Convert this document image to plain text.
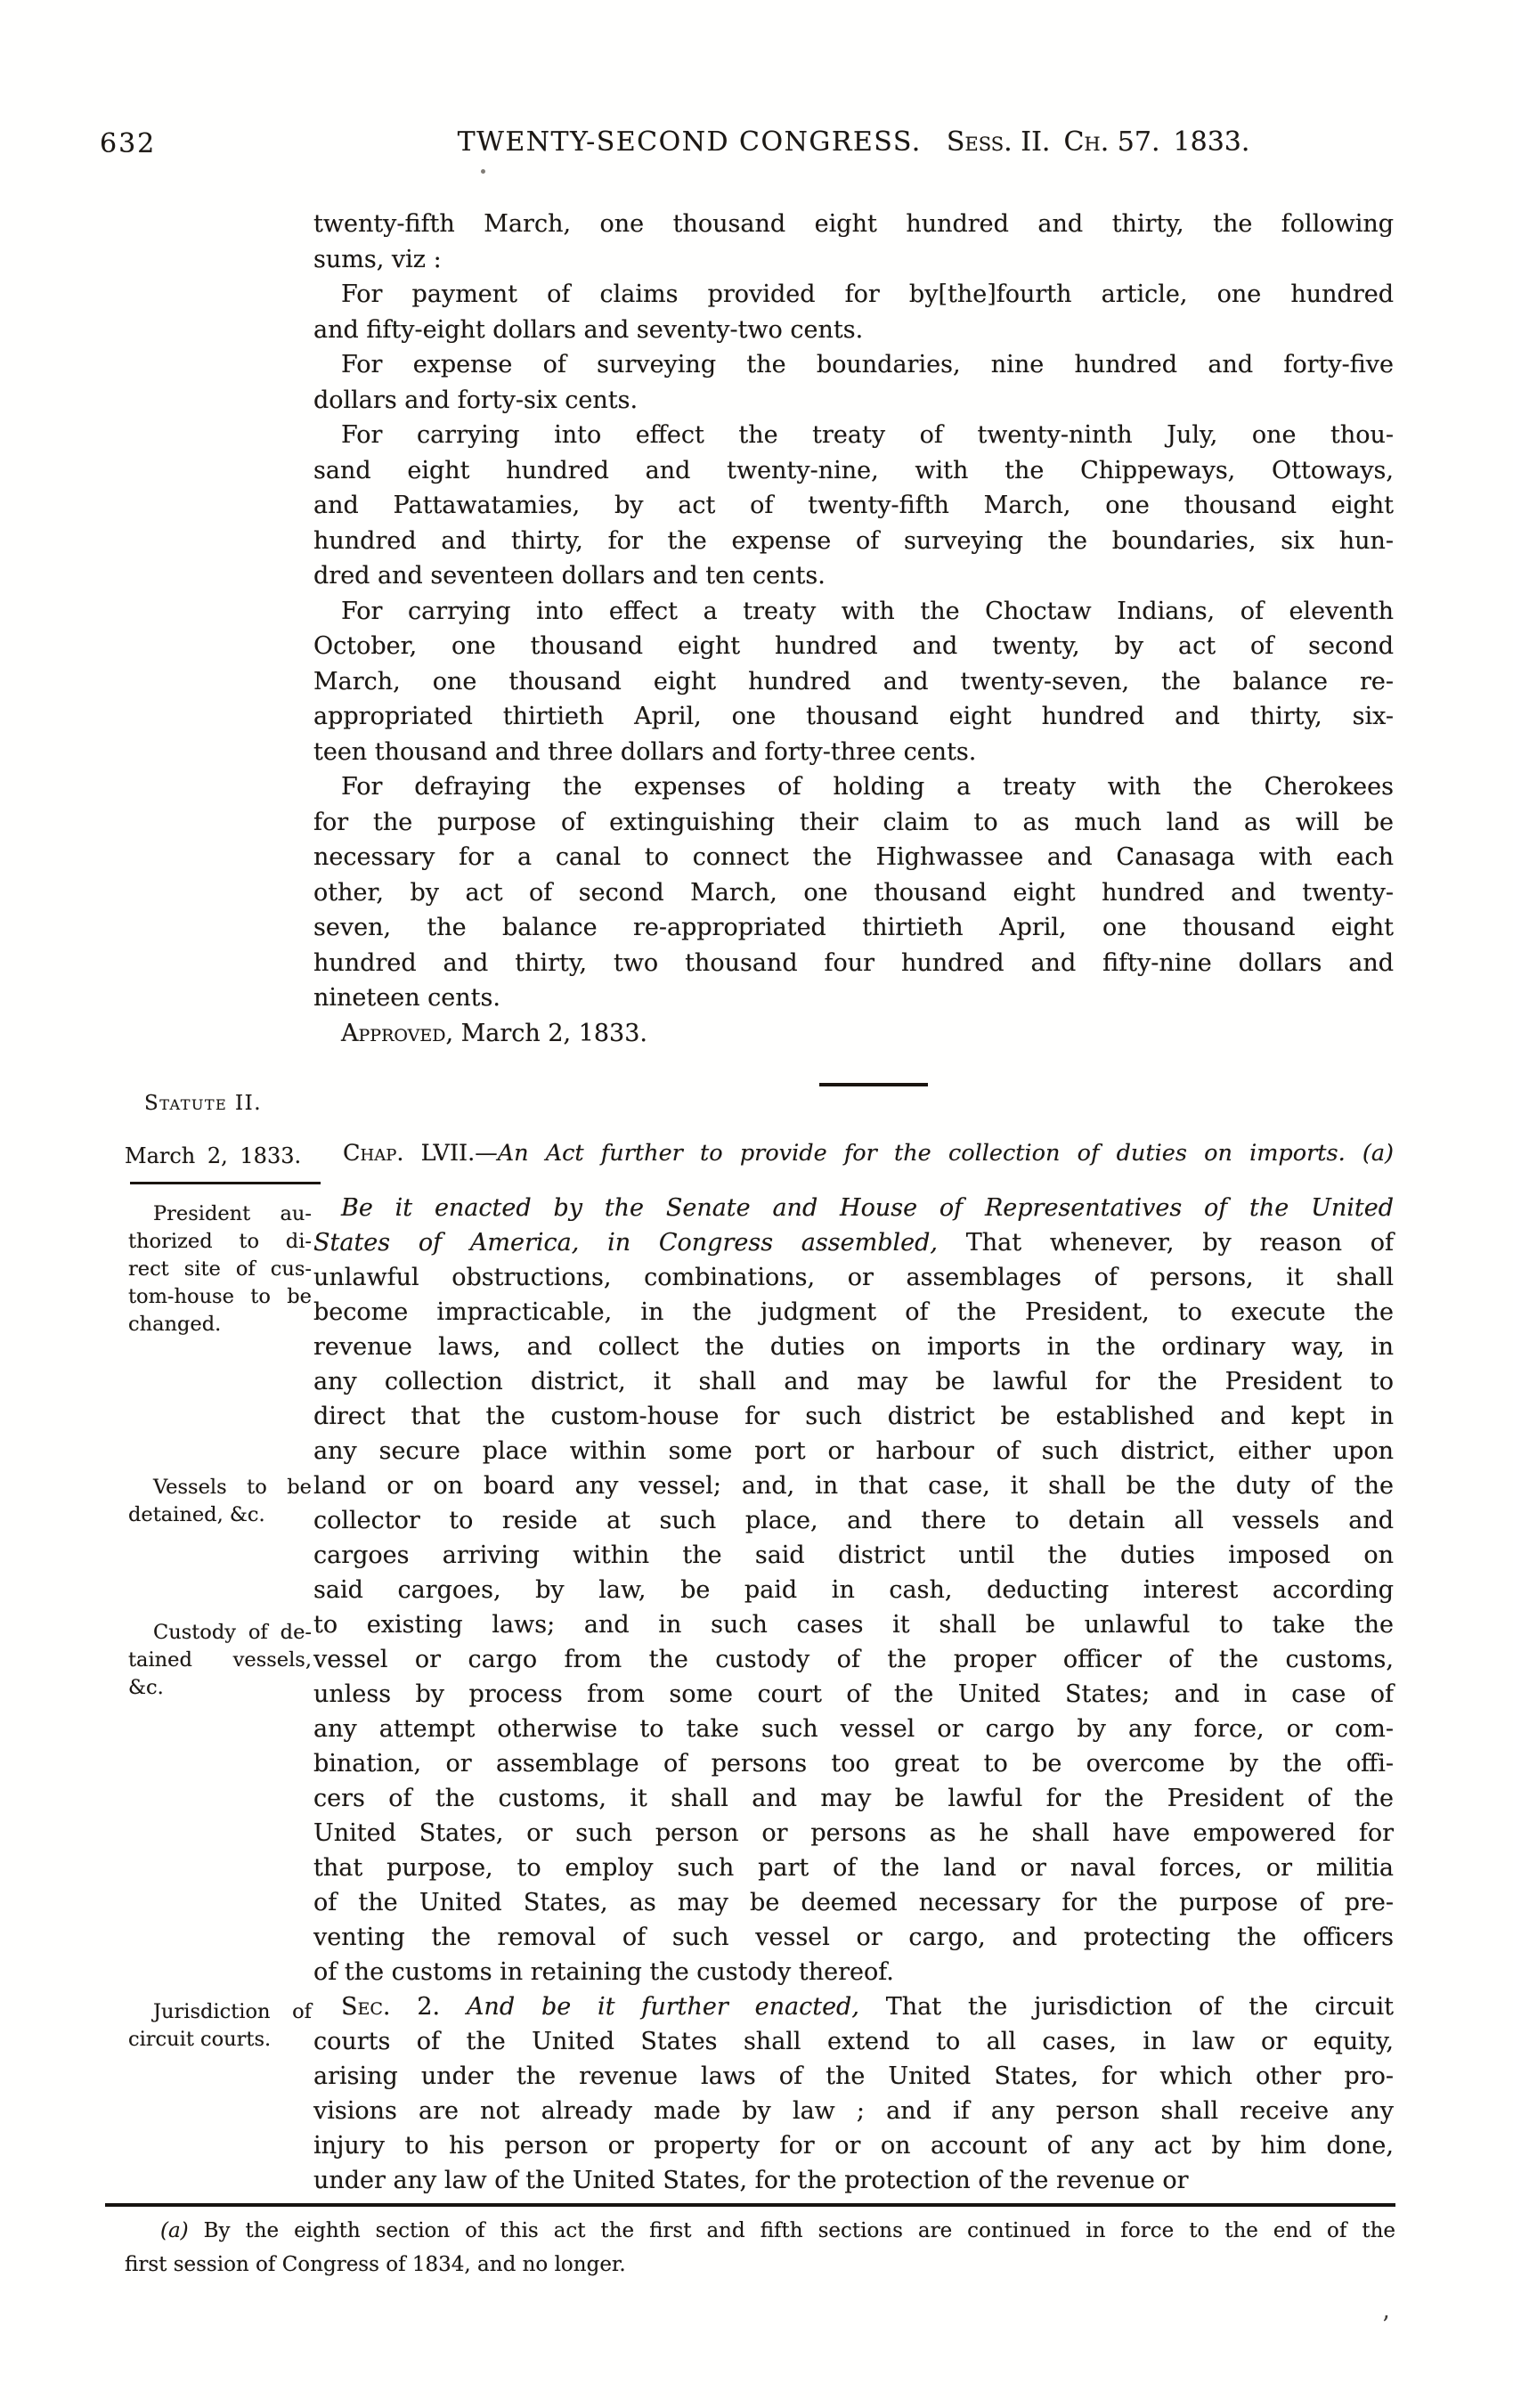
632	TWENTY-SECOND CONGRESS. Sess. II. Ch. 57. 1833.
twenty-fifth March, one thousand eight hundred and thirty, the following
sums, viz :
For payment of claims provided for by[the]fourth article, one hundred
and fifty-eight dollars and seventy-two cents.
For expense of surveying the boundaries, nine hundred and forty-five
dollars and forty-six cents.
For carrying into effect the treaty of twenty-ninth July, one thou-
sand eight hundred and twenty-nine, with the Chippeways, Ottoways,
and Pattawatamies, by act of twenty-fifth March, one thousand eight
hundred and thirty, for the expense of surveying the boundaries, six hun-
dred and seventeen dollars and ten cents.
For carrying into effect a treaty with the Choctaw Indians, of eleventh
October, one thousand eight hundred and twenty, by act of second
March, one thousand eight hundred and twenty-seven, the balance re-
appropriated thirtieth April, one thousand eight hundred and thirty, six-
teen thousand and three dollars and forty-three cents.
For defraying the expenses of holding a treaty with the Cherokees
for the purpose of extinguishing their claim to as much land as will be
necessary for a canal to connect the Highwassee and Canasaga with each
other, by act of second March, one thousand eight hundred and twenty-
seven, the balance re-appropriated thirtieth April, one thousand eight
hundred and thirty, two thousand four hundred and fifty-nine dollars and
nineteen cents.
Approved, March 2, 1833.
Statute II.
March 2, 1833.	Chap. LVII.—An Act further to provide for the collection of duties on imports. (a)
President au-
thorized to di-
rect site of cus-
tom-house to be
changed.
Vessels to be
detained, &c.
Custody of de-
tained vessels,
&c.
Jurisdiction of
circuit courts.
Be it enacted by the Senate and House of Representatives of the United
States of America, in Congress assembled, That whenever, by reason of
unlawful obstructions, combinations, or assemblages of persons, it shall
become impracticable, in the judgment of the President, to execute the
revenue laws, and collect the duties on imports in the ordinary way, in
any collection district, it shall and may be lawful for the President to
direct that the custom-house for such district be established and kept in
any secure place within some port or harbour of such district, either upon
land or on board any vessel; and, in that case, it shall be the duty of the
collector to reside at such place, and there to detain all vessels and
cargoes arriving within the said district until the duties imposed on
said cargoes, by law, be paid in cash, deducting interest according
to existing laws; and in such cases it shall be unlawful to take the
vessel or cargo from the custody of the proper officer of the customs,
unless by process from some court of the United States; and in case of
any attempt otherwise to take such vessel or cargo by any force, or com-
bination, or assemblage of persons too great to be overcome by the offi-
cers of the customs, it shall and may be lawful for the President of the
United States, or such person or persons as he shall have empowered for
that purpose, to employ such part of the land or naval forces, or militia
of the United States, as may be deemed necessary for the purpose of pre-
venting the removal of such vessel or cargo, and protecting the officers
of the customs in retaining the custody thereof.
Sec. 2. And be it further enacted, That the jurisdiction of the circuit
courts of the United States shall extend to all cases, in law or equity,
arising under the revenue laws of the United States, for which other pro-
visions are not already made by law ; and if any person shall receive any
injury to his person or property for or on account of any act by him done,
under any law of the United States, for the protection of the revenue or
(a) By the eighth section of this act the first and fifth sections are continued in force to the end of the
first session of Congress of 1834, and no longer.
’
